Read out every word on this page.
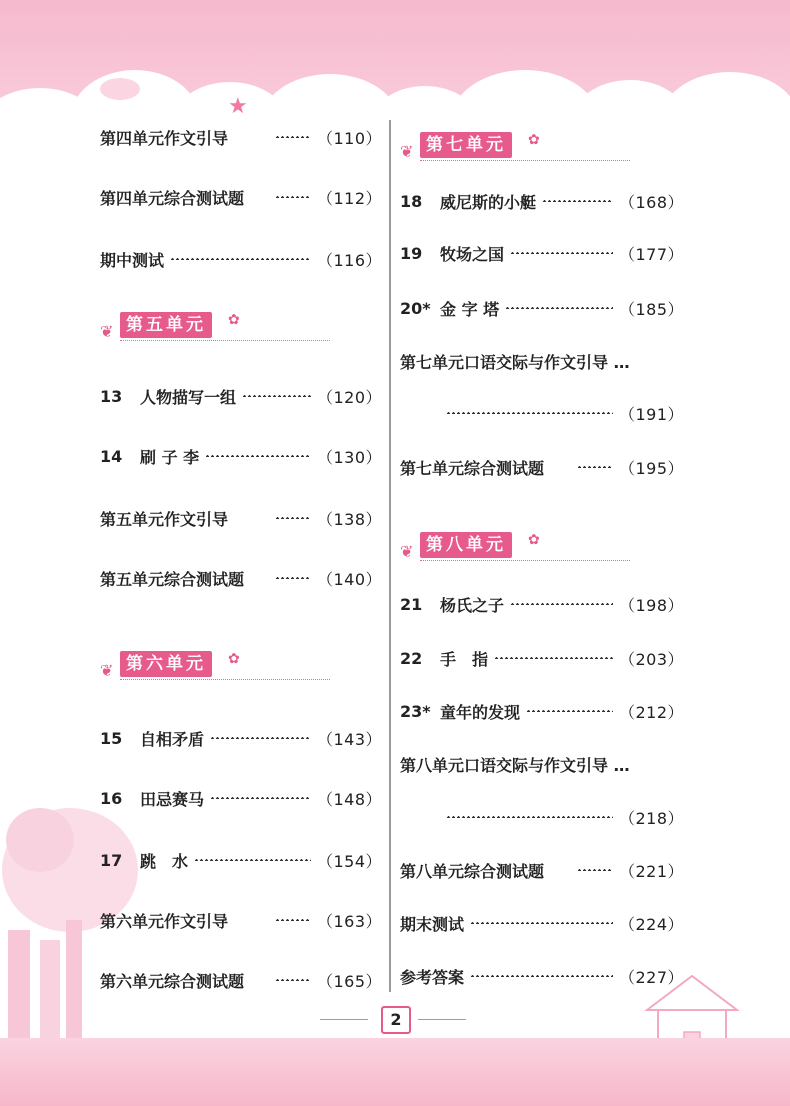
★
★
第四单元作文引导	（110）
第四单元综合测试题	（112）
期中测试	（116）
❦ 第五单元	✿
13	人物描写一组	（120）
14	刷 子 李	（130）
第五单元作文引导	（138）
第五单元综合测试题	（140）
❦ 第六单元	✿
15	自相矛盾	（143）
16	田忌赛马	（148）
17	跳　水	（154）
第六单元作文引导	（163）
第六单元综合测试题	（165）
❦ 第七单元	✿
18	威尼斯的小艇	（168）
19	牧场之国	（177）
20* 金 字 塔	（185）
第七单元口语交际与作文引导 …
（191）
第七单元综合测试题	（195）
❦ 第八单元	✿
21	杨氏之子	（198）
22	手　指	（203）
23* 童年的发现	（212）
第八单元口语交际与作文引导 …
（218）
第八单元综合测试题	（221）
期末测试	（224）
参考答案	（227）
2
